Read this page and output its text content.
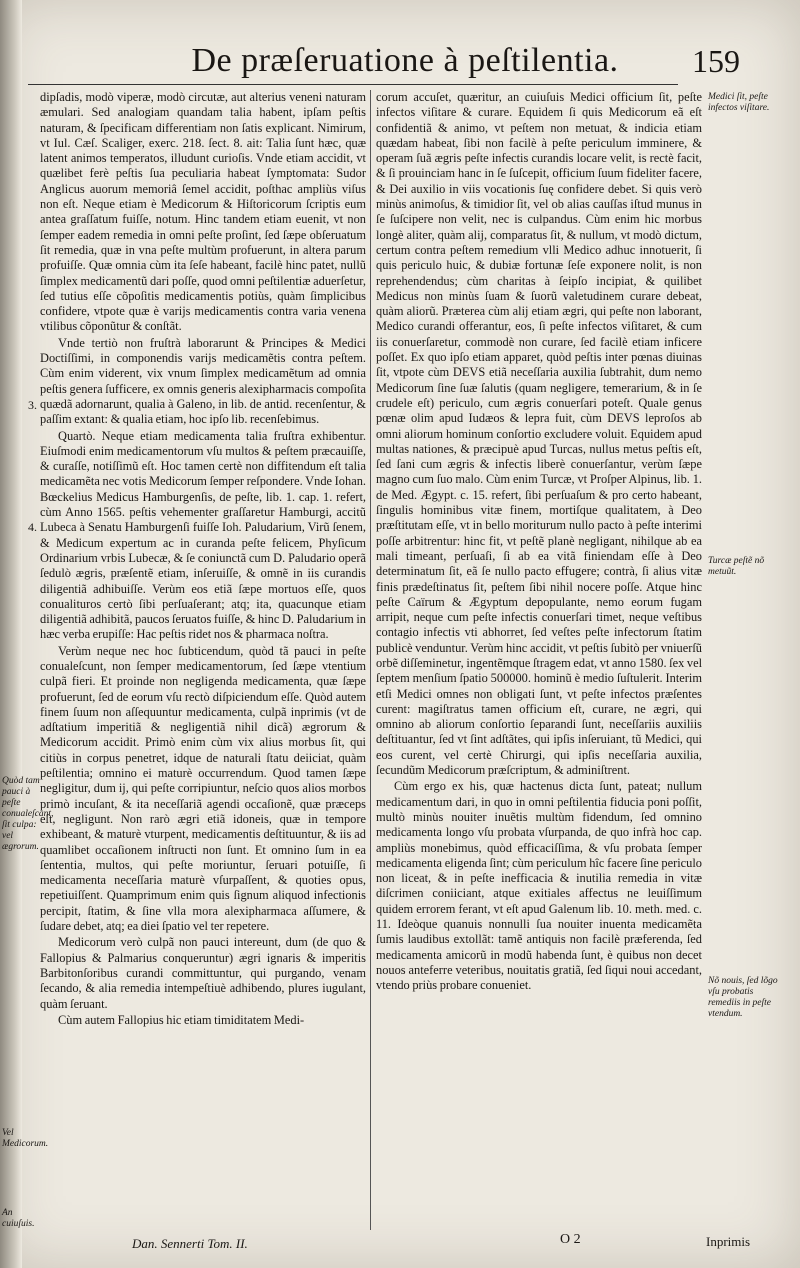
De præſeruatione à peſtilentia.	159

dipſadis, modò viperæ, modò circutæ, aut alterius veneni naturam æmulari. Sed analogiam quandam talia habent, ipſam peſtis naturam, & ſpecificam differentiam non ſatis explicant. Nimirum, vt Iul. Cæſ. Scaliger, exerc. 218. ſect. 8. ait: Talia ſunt hæc, quæ latent animos temperatos, illudunt curioſis. Vnde etiam accidit, vt quælibet ferè peſtis ſua peculiaria habeat ſymptomata: Sudor Anglicus auorum memoriâ ſemel accidit, poſthac ampliùs viſus non eſt. Neque etiam è Medicorum & Hiſtoricorum ſcriptis eum antea graſſatum fuiſſe, notum. Hinc tandem etiam euenit, vt non ſemper eadem remedia in omni peſte proſint, ſed ſæpe obſeruatum ſit remedia, quæ in vna peſte multùm profuerunt, in altera parum profuiſſe. Quæ omnia cùm ita ſeſe habeant, facilè hinc patet, nullũ ſimplex medicamentũ dari poſſe, quod omni peſtilentiæ aduerſetur, ſed tutius eſſe cõpoſitis medicamentis potiùs, quàm ſimplicibus confidere, vtpote quæ è varijs medicamentis contra varia venena vtilibus cõponũtur & conſtãt.

Vnde tertiò non fruſtrà laborarunt & Principes & Medici Doctiſſimi, in componendis varijs medicamẽtis contra peſtem. Cùm enim viderent, vix vnum ſimplex medicamẽtum ad omnia peſtis genera ſufficere, ex omnis generis alexipharmacis compoſita quædã adornarunt, qualia à Galeno, in lib. de antid. recenſentur, & paſſim extant: & qualia etiam, hoc ipſo lib. recenſebimus.

Quartò. Neque etiam medicamenta talia fruſtra exhibentur. Eiuſmodi enim medicamentorum vſu multos & peſtem præcauiſſe, & curaſſe, notiſſimũ eſt. Hoc tamen certè non diffitendum eſt talia medicamẽta nec votis Medicorum ſemper reſpondere. Vnde Iohan. Bœckelius Medicus Hamburgenſis, de peſte, lib. 1. cap. 1. refert, cùm Anno 1565. peſtis vehementer graſſaretur Hamburgi, accitũ Lubeca à Senatu Hamburgenſi fuiſſe Ioh. Paludarium, Virũ ſenem, & Medicum expertum ac in curanda peſte felicem, Phyſicum Ordinarium vrbis Lubecæ, & ſe coniunctã cum D. Paludario operã ſedulò ægris, præſentẽ etiam, inſeruiſſe, & omnẽ in iis curandis diligentiã adhibuiſſe. Verùm eos etiã ſæpe mortuos eſſe, quos conualituros certò ſibi perſuaſerant; atq; ita, quacunque etiam diligentiã adhibitã, paucos ſeruatos fuiſſe, & hinc D. Paludarium in hæc verba erupiſſe: Hac peſtis ridet nos & pharmaca noſtra.

Verùm neque nec hoc ſubticendum, quòd tã pauci in peſte conualeſcunt, non ſemper medicamentorum, ſed ſæpe vtentium culpã fieri. Et proinde non negligenda medicamenta, quæ ſæpe profuerunt, ſed de eorum vſu rectò diſpiciendum eſſe. Quòd autem finem ſuum non aſſequuntur medicamenta, culpã inprimis (vt de adſtatium imperitiã & negligentiã nihil dicã) ægrorum & Medicorum accidit. Primò enim cùm vix alius morbus ſit, qui citiùs in corpus penetret, idque de naturali ſtatu deiiciat, quàm peſtilentia; omnino ei maturè occurrendum. Quod tamen ſæpe negligitur, dum ij, qui peſte corripiuntur, neſcio quos alios morbos primò incuſant, & ita neceſſariã agendi occaſionẽ, quæ præceps eſt, negligunt. Non rarò ægri etiã idoneis, quæ in tempore exhibeant, & maturè vturpent, medicamentis deſtituuntur, & iis ad quamlibet occaſionem inſtructi non ſunt. Et omnino ſum in ea ſententia, multos, qui peſte moriuntur, ſeruari potuiſſe, ſi medicamenta neceſſaria maturè vſurpaſſent, & quoties opus, repetiuiſſent. Quamprimum enim quis ſignum aliquod infectionis percipit, ſtatim, & ſine vlla mora alexipharmaca aſſumere, & ſudare debet, atq; ea diei ſpatio vel ter repetere.

Medicorum verò culpã non pauci intereunt, dum (de quo & Fallopius & Palmarius conqueruntur) ægri ignaris & imperitis Barbitonſoribus curandi committuntur, qui purgando, venam ſecando, & alia remedia intempeſtiuè adhibendo, plures iugulant, quàm ſeruant.

Cùm autem Fallopius hic etiam timiditatem Medi-

corum accuſet, quæritur, an cuiuſuis Medici officium ſit, peſte infectos viſitare & curare. Equidem ſi quis Medicorum eã eſt confidentiã & animo, vt peſtem non metuat, & indicia etiam quædam habeat, ſibi non facilè à peſte periculum imminere, & operam ſuã ægris peſte infectis curandis locare velit, is rectè facit, & ſi prouinciam hanc in ſe ſuſcepit, officium ſuum fideliter facere, & Dei auxilio in viis vocationis ſuę confidere debet. Si quis verò minùs animoſus, & timidior ſit, vel ob alias cauſſas iſtud munus in ſe ſuſcipere non velit, nec is culpandus. Cùm enim hic morbus longè aliter, quàm alij, comparatus ſit, & nullum, vt modò dictum, certum contra peſtem remedium vlli Medico adhuc innotuerit, ſi quis periculo huic, & dubiæ fortunæ ſeſe exponere nolit, is non reprehendendus; cùm charitas à ſeipſo incipiat, & quilibet Medicus non minùs ſuam & ſuorũ valetudinem curare debeat, quàm aliorũ. Præterea cùm alij etiam ægri, qui peſte non laborant, Medico curandi offerantur, eos, ſi peſte infectos viſitaret, & cum iis conuerſaretur, commodè non curare, ſed facilè etiam inficere poſſet. Ex quo ipſo etiam apparet, quòd peſtis inter pœnas diuinas ſit, vtpote cùm DEVS etiã neceſſaria auxilia ſubtrahit, dum nemo Medicorum ſine ſuæ ſalutis (quam negligere, temerarium, & in ſe crudele eſt) periculo, cum ægris conuerſari poteſt. Quale genus pœnæ olim apud Iudæos & lepra fuit, cùm DEVS leproſos ab omni aliorum hominum conſortio excludere voluit. Equidem apud multas nationes, & præcipuè apud Turcas, nullus metus peſtis eſt, ſed ſani cum ægris & infectis liberè conuerſantur, verùm ſæpe magno cum ſuo malo. Cùm enim Turcæ, vt Proſper Alpinus, lib. 1. de Med. Ægypt. c. 15. refert, ſibi perſuaſum & pro certo habeant, ſingulis hominibus vitæ finem, mortiſque qualitatem, à Deo præſtitutam eſſe, vt in bello moriturum nullo pacto à peſte interimi poſſe arbitrentur: hinc fit, vt peſtẽ planè negligant, nihilque ab ea mali timeant, perſuaſi, ſi ab ea vitã finiendam eſſe à Deo determinatum ſit, eã ſe nullo pacto effugere; contrà, ſi alius vitæ finis prædeſtinatus ſit, peſtem ſibi nihil nocere poſſe. Atque hinc peſte Caïrum & Ægyptum depopulante, nemo eorum fugam arripit, neque cum peſte infectis conuerſari timet, neque veſtibus contagio infectis vti abhorret, ſed veſtes peſte infectorum ſtatim publicè venduntur. Verùm hinc accidit, vt peſtis ſubitò per vniuerſũ orbẽ diſſeminetur, ingentẽmque ſtragem edat, vt anno 1580. ſex vel ſeptem menſium ſpatio 500000. hominũ è medio ſuſtulerit. Interim etſi Medici omnes non obligati ſunt, vt peſte infectos præſentes curent: magiſtratus tamen officium eſt, curare, ne ægri, qui omnino ab aliorum conſortio ſeparandi ſunt, neceſſariis auxiliis deſtituantur, ſed vt ſint adſtãtes, qui ipſis inſeruiant, tũ Medici, qui eos curent, vel certè Chirurgi, qui ipſis neceſſaria auxilia, ſecundũm Medicorum præſcriptum, & adminiſtrent.

Cùm ergo ex his, quæ hactenus dicta ſunt, pateat; nullum medicamentum dari, in quo in omni peſtilentia fiducia poni poſſit, multò minùs nouiter inuẽtis multùm fidendum, ſed omnino medicamenta longo vſu probata vſurpanda, de quo infrà hoc cap. ampliùs monebimus, quòd efficaciſſima, & vſu probata ſemper medicamenta eligenda ſint; cùm periculum hîc facere ſine periculo non liceat, & in peſte inefficacia & inutilia remedia in vitæ diſcrimen coniiciant, atque exitiales affectus ne leuiſſimum quidem errorem ferant, vt eſt apud Galenum lib. 10. meth. med. c. 11. Ideòque quanuis nonnulli ſua nouiter inuenta medicamẽta ſumis laudibus extollãt: tamẽ antiquis non facilè præferenda, ſed medicamenta amicorũ in modũ habenda ſunt, è quibus non decet nouos anteferre veteribus, nouitatis gratiã, ſed ſiqui noui accedant, vtendo priùs probare conueniet.

3.
4.
Quòd tam pauci à peſte conualeſcant, ſit culpa: vel ægrorum.
Vel Medicorum.
An cuiuſuis.
Medici ſit, peſte infectos viſitare.
Turcæ peſtẽ nõ metuũt.
Nõ nouis, ſed lõgo vſu probatis remediis in peſte vtendum.
Dan. Sennerti Tom. II.	O 2	Inprimis
